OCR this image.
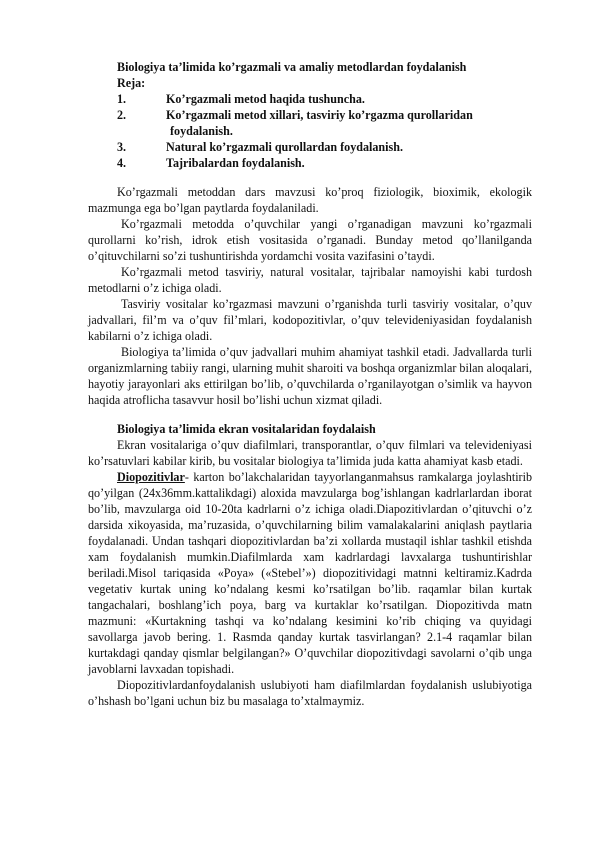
Biologiya ta’limida ko’rgazmali va amaliy metodlardan foydalanish

Reja:

1.	Ko’rgazmali metod haqida tushuncha.
2.	Ko’rgazmali metod xillari, tasviriy ko’rgazma qurollaridan

foydalanish.

3.	Natural ko’rgazmali qurollardan foydalanish.
4.	Tajribalardan foydalanish.

Ko’rgazmali metoddan dars mavzusi ko’proq fiziologik, bioximik, ekologik mazmunga ega bo’lgan paytlarda foydalaniladi.

Ko’rgazmali metodda o’quvchilar yangi o’rganadigan mavzuni ko’rgazmali qurollarni ko’rish, idrok etish vositasida o’rganadi. Bunday metod qo’llanilganda o’qituvchilarni so’zi tushuntirishda yordamchi vosita vazifasini o’taydi.

Ko’rgazmali metod tasviriy, natural vositalar, tajribalar namoyishi kabi turdosh metodlarni o’z ichiga oladi.

Tasviriy vositalar ko’rgazmasi mavzuni o’rganishda turli tasviriy vositalar, o’quv jadvallari, fil’m va o’quv fil’mlari, kodopozitivlar, o’quv televideniyasidan foydalanish kabilarni o’z ichiga oladi.

Biologiya ta’limida o’quv jadvallari muhim ahamiyat tashkil etadi. Jadvallarda turli organizmlarning tabiiy rangi, ularning muhit sharoiti va boshqa organizmlar bilan aloqalari, hayotiy jarayonlari aks ettirilgan bo’lib, o’quvchilarda o’rganilayotgan o’simlik va hayvon haqida atroflicha tasavvur hosil bo’lishi uchun xizmat qiladi.

Biologiya ta’limida ekran vositalaridan foydalaish

Ekran vositalariga o’quv diafilmlari, transporantlar, o’quv filmlari va televideniyasi ko’rsatuvlari kabilar kirib, bu vositalar biologiya ta’limida juda katta ahamiyat kasb etadi.

Diopozitivlar- karton bo’lakchalaridan tayyorlanganmahsus ramkalarga joylashtirib qo’yilgan (24x36mm.kattalikdagi) aloxida mavzularga bog’ishlangan kadrlarlardan iborat bo’lib, mavzularga oid 10-20ta kadrlarni o’z ichiga oladi.Diapozitivlardan o’qituvchi o’z darsida xikoyasida, ma’ruzasida, o’quvchilarning bilim vamalakalarini aniqlash paytlaria foydalanadi. Undan tashqari diopozitivlardan ba’zi xollarda mustaqil ishlar tashkil etishda xam foydalanish mumkin.Diafilmlarda xam kadrlardagi lavxalarga tushuntirishlar beriladi.Misol tariqasida «Poya» («Stebel’») diopozitividagi matnni keltiramiz.Kadrda vegetativ kurtak uning ko’ndalang kesmi ko’rsatilgan bo’lib. raqamlar bilan kurtak tangachalari, boshlang’ich poya, barg va kurtaklar ko’rsatilgan. Diopozitivda matn mazmuni: «Kurtakning tashqi va ko’ndalang kesimini ko’rib chiqing va quyidagi savollarga javob bering. 1. Rasmda qanday kurtak tasvirlangan? 2.1-4 raqamlar bilan kurtakdagi qanday qismlar belgilangan?» O’quvchilar diopozitivdagi savolarni o’qib unga javoblarni lavxadan topishadi.

Diopozitivlardanfoydalanish uslubiyoti ham diafilmlardan foydalanish uslubiyotiga o’hshash bo’lgani uchun biz bu masalaga to’xtalmaymiz.
